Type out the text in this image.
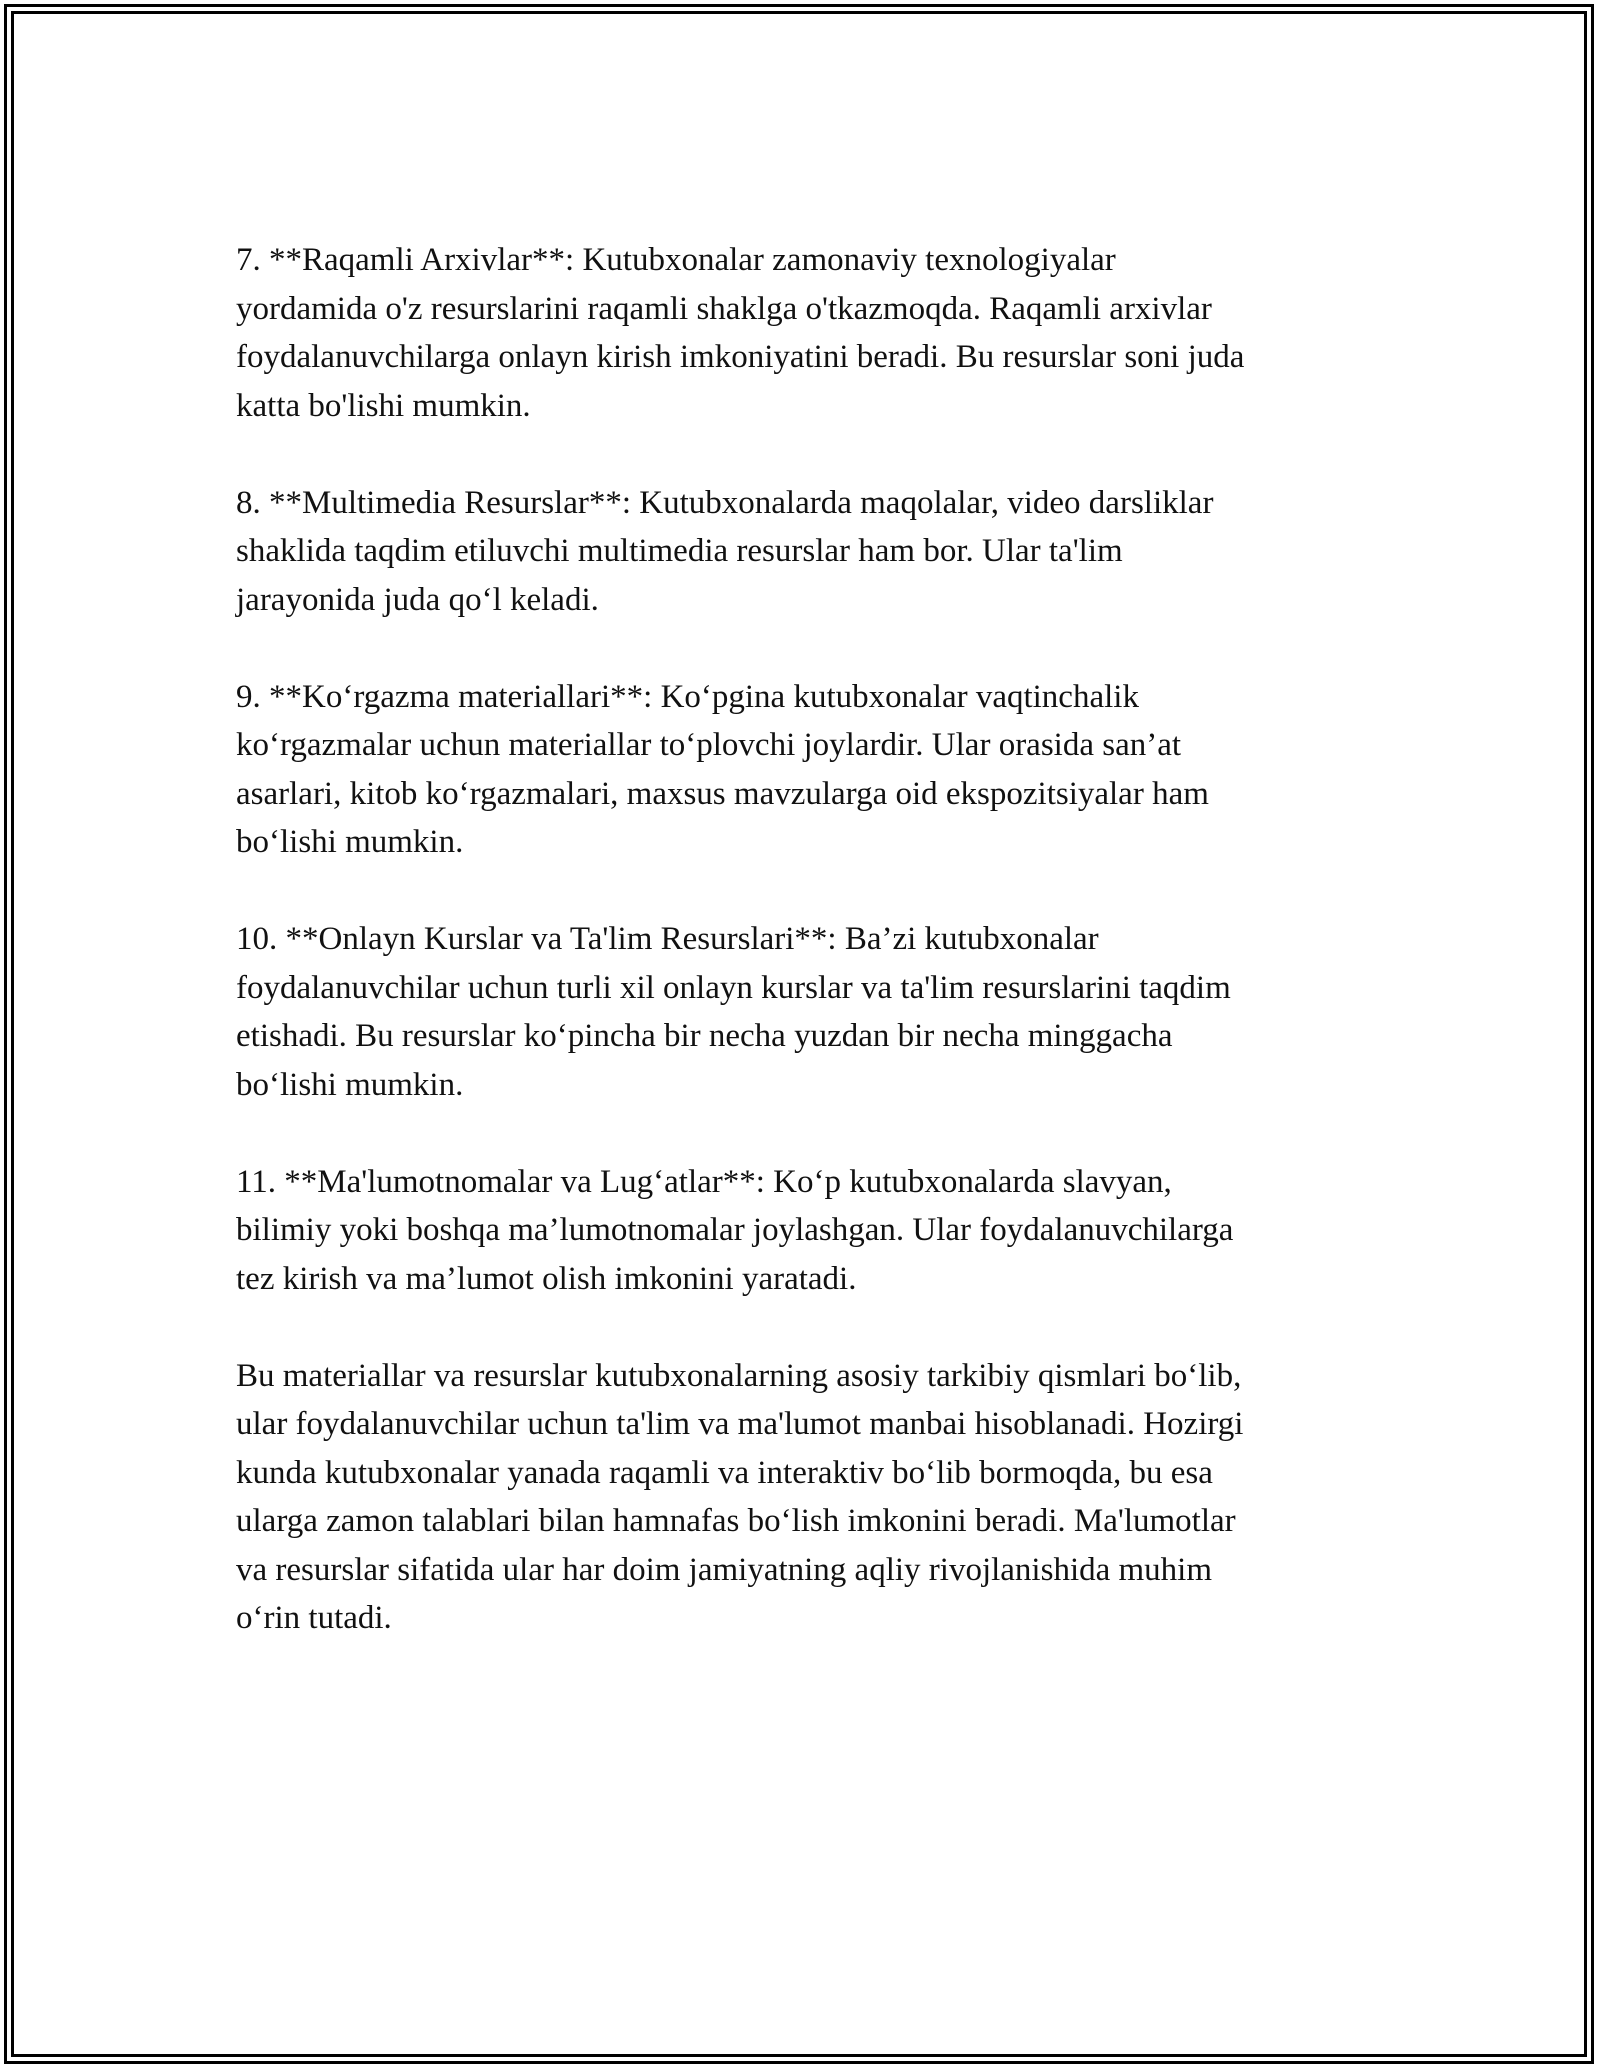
7. **Raqamli Arxivlar**: Kutubxonalar zamonaviy texnologiyalar
yordamida o'z resurslarini raqamli shaklga o'tkazmoqda. Raqamli arxivlar
foydalanuvchilarga onlayn kirish imkoniyatini beradi. Bu resurslar soni juda
katta bo'lishi mumkin.

8. **Multimedia Resurslar**: Kutubxonalarda maqolalar, video darsliklar
shaklida taqdim etiluvchi multimedia resurslar ham bor. Ular ta'lim
jarayonida juda qo‘l keladi.

9. **Ko‘rgazma materiallari**: Ko‘pgina kutubxonalar vaqtinchalik
ko‘rgazmalar uchun materiallar to‘plovchi joylardir. Ular orasida san’at
asarlari, kitob ko‘rgazmalari, maxsus mavzularga oid ekspozitsiyalar ham
bo‘lishi mumkin.

10. **Onlayn Kurslar va Ta'lim Resurslari**: Ba’zi kutubxonalar
foydalanuvchilar uchun turli xil onlayn kurslar va ta'lim resurslarini taqdim
etishadi. Bu resurslar ko‘pincha bir necha yuzdan bir necha minggacha
bo‘lishi mumkin.

11. **Ma'lumotnomalar va Lug‘atlar**: Ko‘p kutubxonalarda slavyan,
bilimiy yoki boshqa ma’lumotnomalar joylashgan. Ular foydalanuvchilarga
tez kirish va ma’lumot olish imkonini yaratadi.

Bu materiallar va resurslar kutubxonalarning asosiy tarkibiy qismlari bo‘lib,
ular foydalanuvchilar uchun ta'lim va ma'lumot manbai hisoblanadi. Hozirgi
kunda kutubxonalar yanada raqamli va interaktiv bo‘lib bormoqda, bu esa
ularga zamon talablari bilan hamnafas bo‘lish imkonini beradi. Ma'lumotlar
va resurslar sifatida ular har doim jamiyatning aqliy rivojlanishida muhim
o‘rin tutadi.
